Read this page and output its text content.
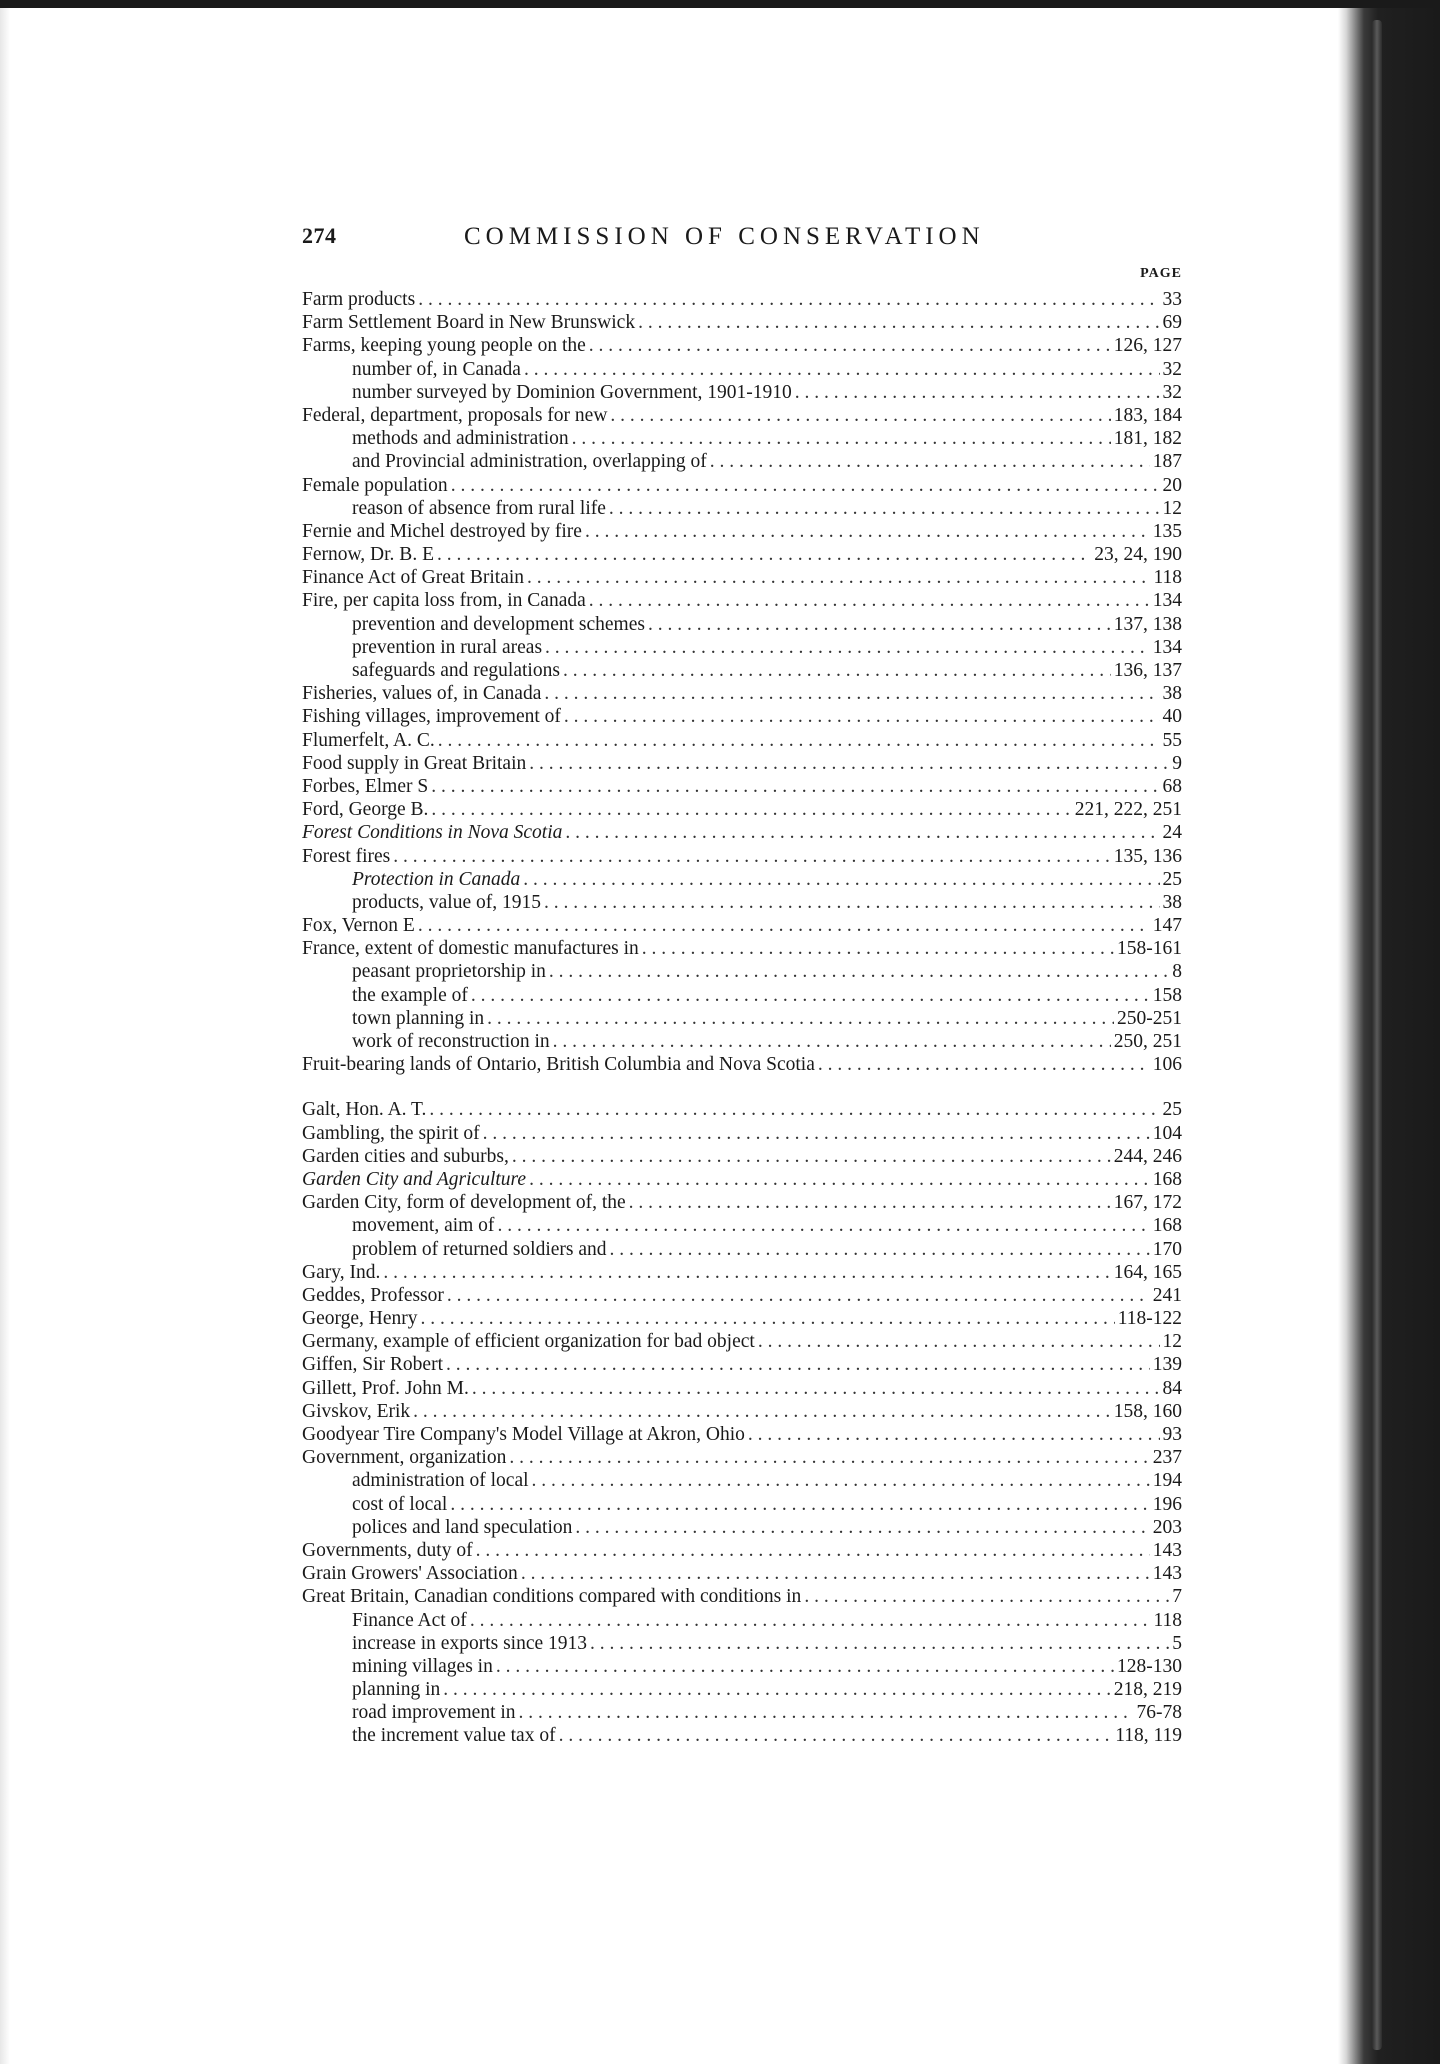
274	COMMISSION OF CONSERVATION
PAGE
Farm products . . .	33
Farm Settlement Board in New Brunswick . . .	69
Farms, keeping young people on the . . .	126, 127
number of, in Canada . . .	32
number surveyed by Dominion Government, 1901-1910 . . .	32
Federal, department, proposals for new . . .	183, 184
methods and administration . . .	181, 182
and Provincial administration, overlapping of . . .	187
Female population . . .	20
reason of absence from rural life . . .	12
Fernie and Michel destroyed by fire . . .	135
Fernow, Dr. B. E . . .	23, 24, 190
Finance Act of Great Britain . . .	118
Fire, per capita loss from, in Canada . . .	134
prevention and development schemes . . .	137, 138
prevention in rural areas . . .	134
safeguards and regulations . . .	136, 137
Fisheries, values of, in Canada . . .	38
Fishing villages, improvement of . . .	40
Flumerfelt, A. C. . . .	55
Food supply in Great Britain . . .	9
Forbes, Elmer S . . .	68
Ford, George B. . . .	221, 222, 251
Forest Conditions in Nova Scotia . . .	24
Forest fires . . .	135, 136
Protection in Canada . . .	25
products, value of, 1915 . . .	38
Fox, Vernon E . . .	147
France, extent of domestic manufactures in . . .	158-161
peasant proprietorship in . . .	8
the example of . . .	158
town planning in . . .	250-251
work of reconstruction in . . .	250, 251
Fruit-bearing lands of Ontario, British Columbia and Nova Scotia . . .	106
Galt, Hon. A. T. . . .	25
Gambling, the spirit of . . .	104
Garden cities and suburbs, . . .	244, 246
Garden City and Agriculture . . .	168
Garden City, form of development of, the . . .	167, 172
movement, aim of . . .	168
problem of returned soldiers and . . .	170
Gary, Ind. . . .	164, 165
Geddes, Professor . . .	241
George, Henry . . .	118-122
Germany, example of efficient organization for bad object . . .	12
Giffen, Sir Robert . . .	139
Gillett, Prof. John M. . . .	84
Givskov, Erik . . .	158, 160
Goodyear Tire Company's Model Village at Akron, Ohio . . .	93
Government, organization . . .	237
administration of local . . .	194
cost of local . . .	196
polices and land speculation . . .	203
Governments, duty of . . .	143
Grain Growers' Association . . .	143
Great Britain, Canadian conditions compared with conditions in . . .	7
Finance Act of . . .	118
increase in exports since 1913 . . .	5
mining villages in . . .	128-130
planning in . . .	218, 219
road improvement in . . .	76-78
the increment value tax of . . .	118, 119
